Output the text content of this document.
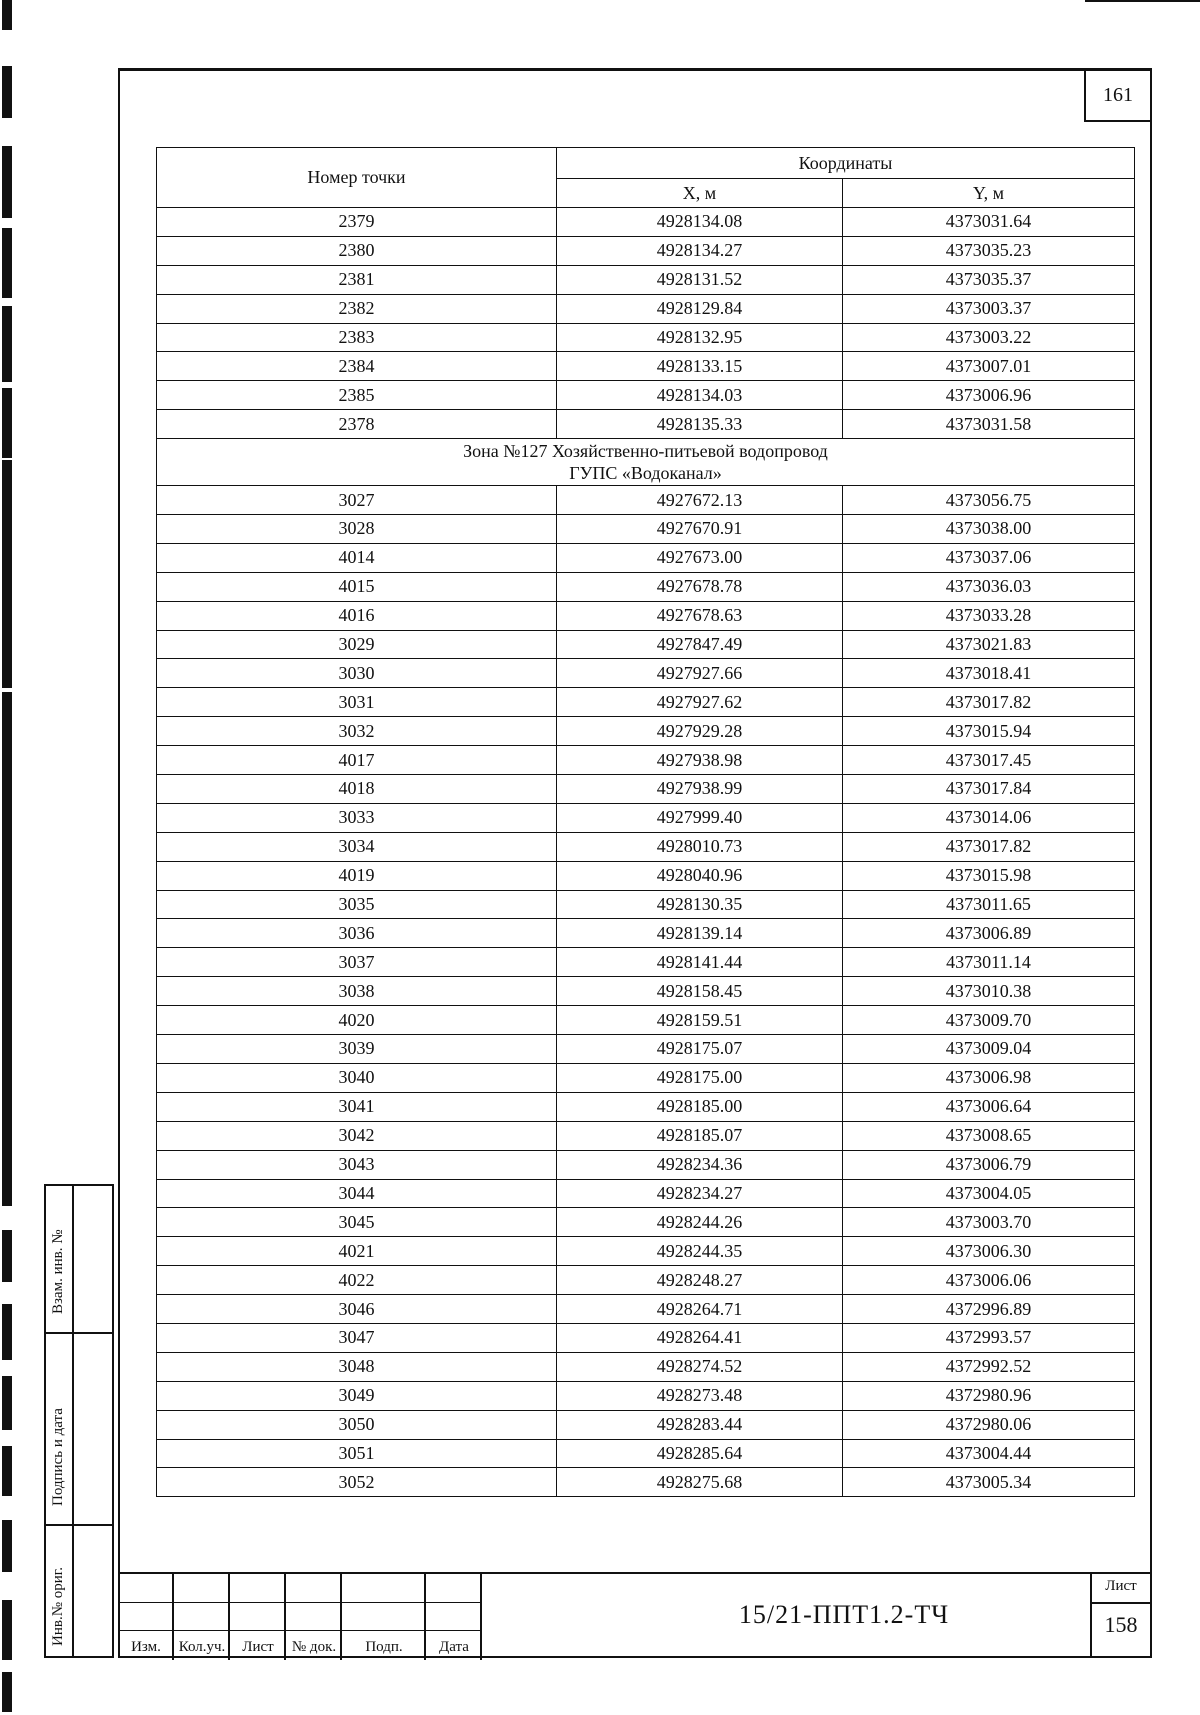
161
Номер точки	Координаты	
	X, м	Y, м
2379	4928134.08	4373031.64
2380	4928134.27	4373035.23
2381	4928131.52	4373035.37
2382	4928129.84	4373003.37
2383	4928132.95	4373003.22
2384	4928133.15	4373007.01
2385	4928134.03	4373006.96
2378	4928135.33	4373031.58

Зона №127 Хозяйственно-питьевой водопровод
ГУПС «Водоканал»		

3027	4927672.13	4373056.75
3028	4927670.91	4373038.00
4014	4927673.00	4373037.06
4015	4927678.78	4373036.03
4016	4927678.63	4373033.28
3029	4927847.49	4373021.83
3030	4927927.66	4373018.41
3031	4927927.62	4373017.82
3032	4927929.28	4373015.94
4017	4927938.98	4373017.45
4018	4927938.99	4373017.84
3033	4927999.40	4373014.06
3034	4928010.73	4373017.82
4019	4928040.96	4373015.98
3035	4928130.35	4373011.65
3036	4928139.14	4373006.89
3037	4928141.44	4373011.14
3038	4928158.45	4373010.38
4020	4928159.51	4373009.70
3039	4928175.07	4373009.04
3040	4928175.00	4373006.98
3041	4928185.00	4373006.64
3042	4928185.07	4373008.65
3043	4928234.36	4373006.79
3044	4928234.27	4373004.05
3045	4928244.26	4373003.70
4021	4928244.35	4373006.30
4022	4928248.27	4373006.06
3046	4928264.71	4372996.89
3047	4928264.41	4372993.57
3048	4928274.52	4372992.52
3049	4928273.48	4372980.96
3050	4928283.44	4372980.06
3051	4928285.64	4373004.44
3052	4928275.68	4373005.34
Взам. инв. №
Подпись и дата
Инв.№ ориг.
Изм.	Кол.уч.	Лист	№ док.	Подп.	Дата
15/21-ППТ1.2-ТЧ
Лист
158
